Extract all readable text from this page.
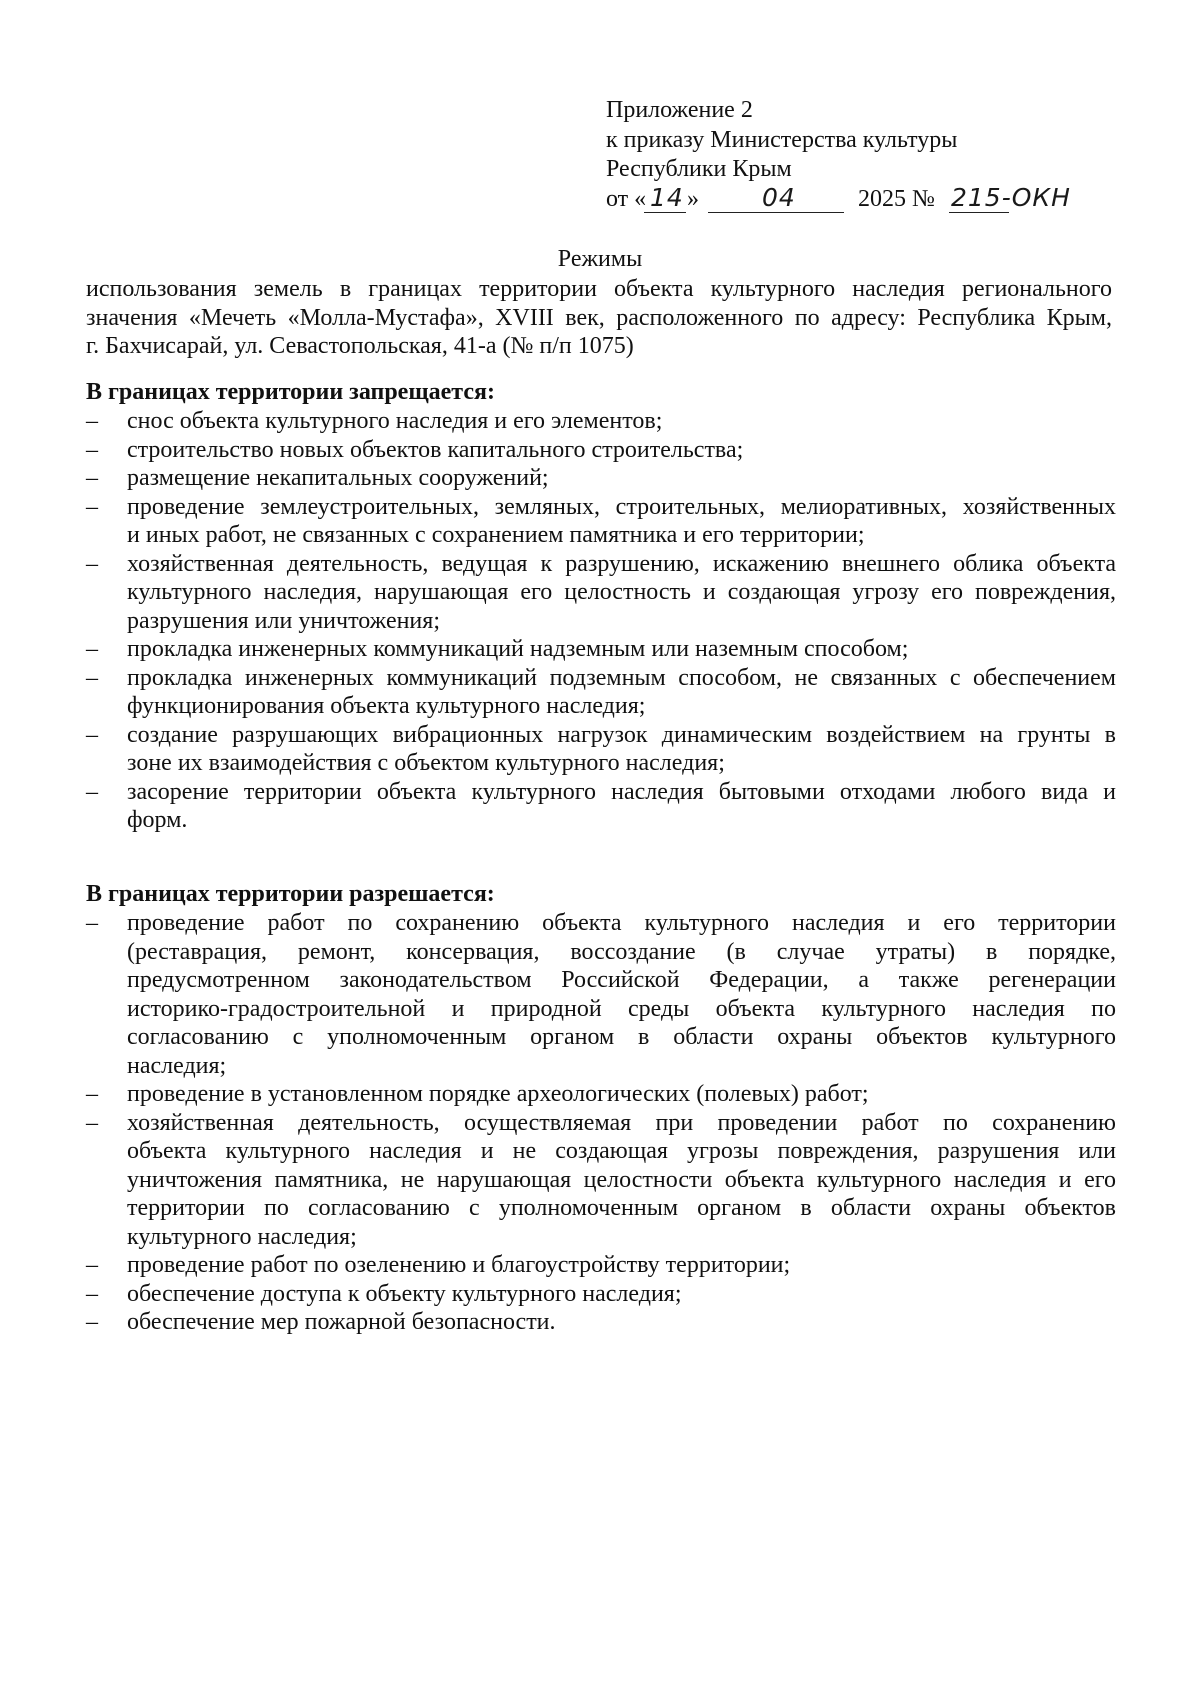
Приложение 2
к приказу Министерства культуры
Республики Крым
от « 14 »	04	2025 № 215-ОКН
Режимы
использования земель в границах территории объекта культурного наследия регионального
значения «Мечеть «Молла-Мустафа», XVIII век, расположенного по адресу: Республика Крым,
г. Бахчисарай, ул. Севастопольская, 41-а (№ п/п 1075)
В границах территории запрещается:
– снос объекта культурного наследия и его элементов;
– строительство новых объектов капитального строительства;
– размещение некапитальных сооружений;
– проведение землеустроительных, земляных, строительных, мелиоративных, хозяйственных
и иных работ, не связанных с сохранением памятника и его территории;
– хозяйственная деятельность, ведущая к разрушению, искажению внешнего облика объекта
культурного наследия, нарушающая его целостность и создающая угрозу его повреждения,
разрушения или уничтожения;
– прокладка инженерных коммуникаций надземным или наземным способом;
– прокладка инженерных коммуникаций подземным способом, не связанных с обеспечением
функционирования объекта культурного наследия;
– создание разрушающих вибрационных нагрузок динамическим воздействием на грунты в
зоне их взаимодействия с объектом культурного наследия;
– засорение территории объекта культурного наследия бытовыми отходами любого вида и
форм.
В границах территории разрешается:
– проведение работ по сохранению объекта культурного наследия и его территории
(реставрация, ремонт, консервация, воссоздание (в случае утраты) в порядке,
предусмотренном законодательством Российской Федерации, а также регенерации
историко-градостроительной и природной среды объекта культурного наследия по
согласованию с уполномоченным органом в области охраны объектов культурного
наследия;
– проведение в установленном порядке археологических (полевых) работ;
– хозяйственная деятельность, осуществляемая при проведении работ по сохранению
объекта культурного наследия и не создающая угрозы повреждения, разрушения или
уничтожения памятника, не нарушающая целостности объекта культурного наследия и его
территории по согласованию с уполномоченным органом в области охраны объектов
культурного наследия;
– проведение работ по озеленению и благоустройству территории;
– обеспечение доступа к объекту культурного наследия;
– обеспечение мер пожарной безопасности.
